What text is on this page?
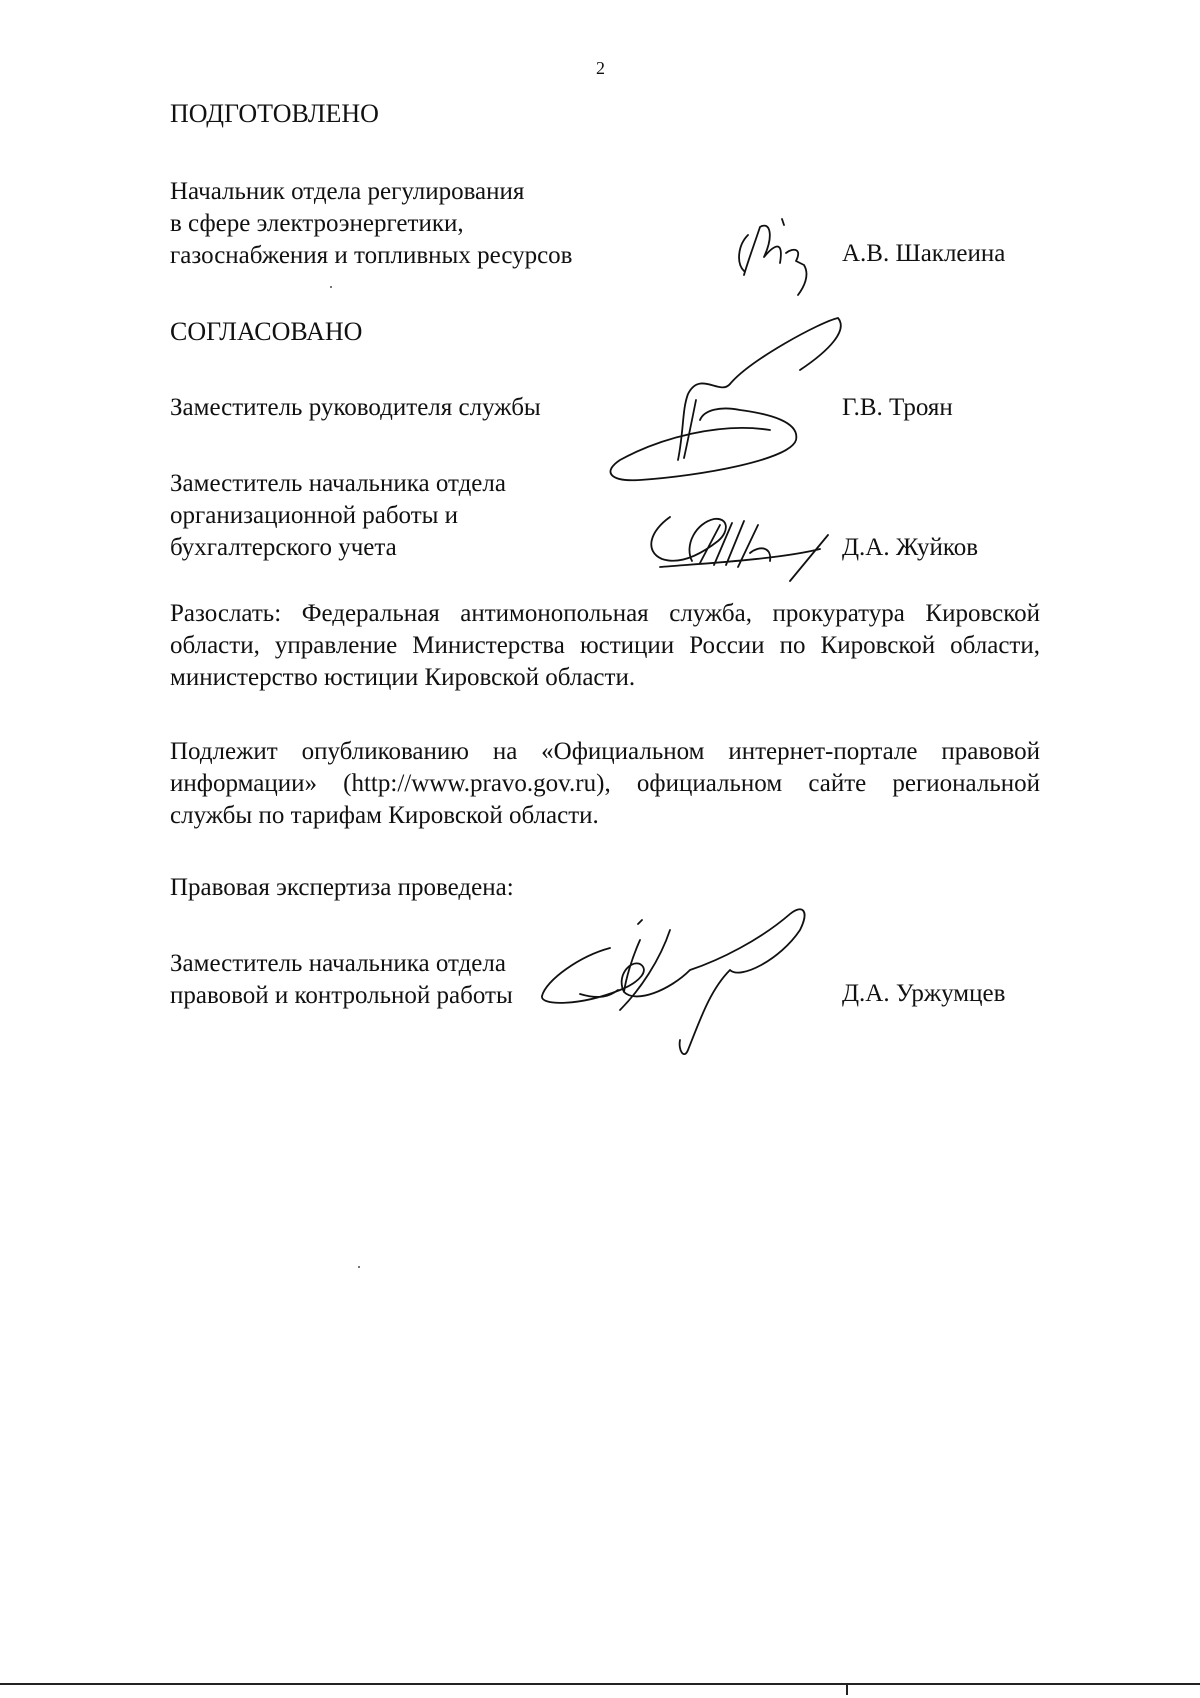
2
ПОДГОТОВЛЕНО
Начальник отдела регулирования
в сфере электроэнергетики,
газоснабжения и топливных ресурсов	А.В. Шаклеина
СОГЛАСОВАНО
Заместитель руководителя службы	Г.В. Троян
Заместитель начальника отдела
организационной работы и
бухгалтерского учета	Д.А. Жуйков
Разослать: Федеральная антимонопольная служба, прокуратура Кировской области, управление Министерства юстиции России по Кировской области, министерство юстиции Кировской области.
Подлежит опубликованию на «Официальном интернет-портале правовой информации» (http://www.pravo.gov.ru), официальном сайте региональной службы по тарифам Кировской области.
Правовая экспертиза проведена:
Заместитель начальника отдела
правовой и контрольной работы	Д.А. Уржумцев
